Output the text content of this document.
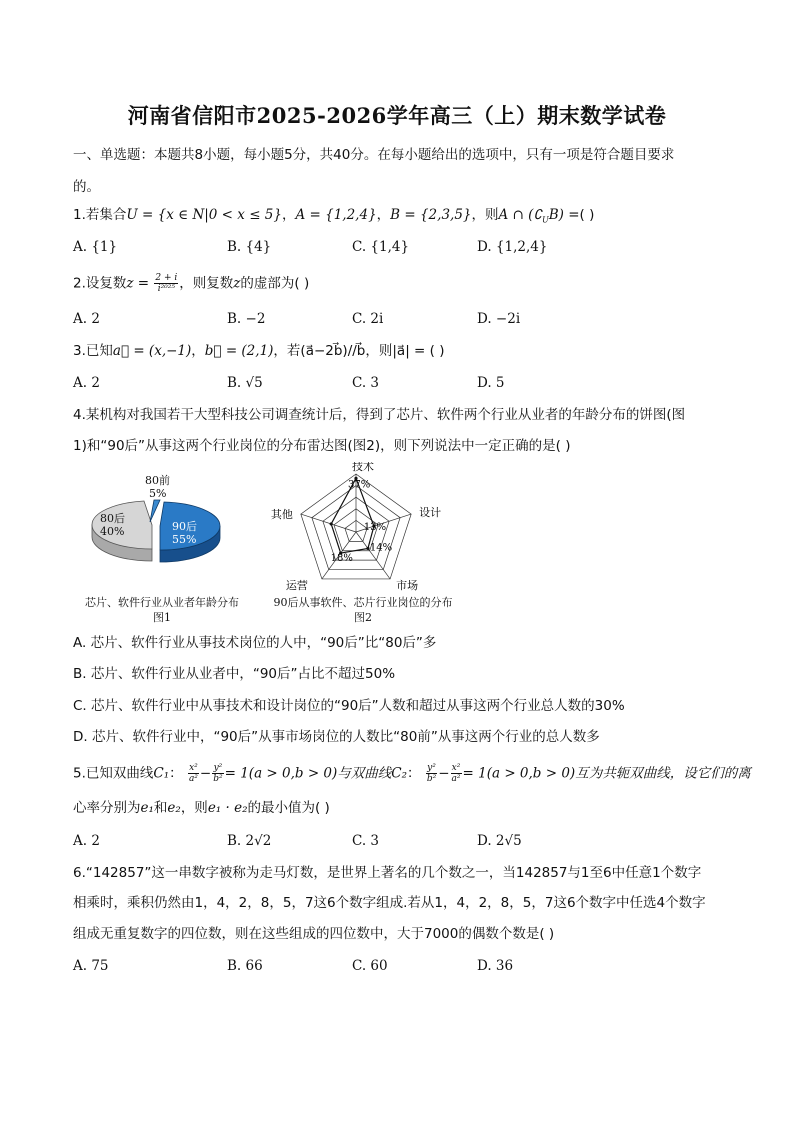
河南省信阳市2025-2026学年高三（上）期末数学试卷
一、单选题：本题共8小题，每小题5分，共40分。在每小题给出的选项中，只有一项是符合题目要求
的。
1.若集合U = {x ∈ N|0 < x ≤ 5}，A = {1,2,4}，B = {2,3,5}，则A ∩ $(∁_UB)$ =( )
A. {1}	B. {4}	C. {1,4}	D. {1,2,4}
2.设复数$z = \frac{2 + i}{\text{i²⁰²⁵}}$ ，则复数z的虚部为( )
A. 2	B. −2	C. 2i	D. −2i
3.已知a⃗ = (x,−1)，b⃗ = (2,1)，若(a⃗−2b⃗)//b⃗，则|a⃗| = ( )
A. 2	B. √5	C. 3	D. 5
4.某机构对我国若干大型科技公司调查统计后，得到了芯片、软件两个行业从业者的年龄分布的饼图(图
1)和“90后”从事这两个行业岗位的分布雷达图(图2)，则下列说法中一定正确的是( )
80前
5%
80后
40%	90后
55%
芯片、软件行业从业者年龄分布
图1
技术
设计
市场
运营
其他
37%
13%
14%
18%
90后从事软件、芯片行业岗位的分布
图2
A. 芯片、软件行业从事技术岗位的人中，“90后”比“80后”多
B. 芯片、软件行业从业者中，“90后”占比不超过50%
C. 芯片、软件行业中从事技术和设计岗位的“90后”人数和超过从事这两个行业总人数的30%
D. 芯片、软件行业中，“90后”从事市场岗位的人数比“80前”从事这两个行业的总人数多
5.已知双曲线C₁： $\frac{\text{x²}}{\text{a²}} - \frac{\text{y²}}{\text{b²}} = 1(a > 0,b > 0)$与双曲线C₂： $\frac{\text{y²}}{\text{b²}} - \frac{\text{x²}}{\text{a²}} = 1(a > 0,b > 0)$互为共轭双曲线，设它们的离
心率分别为e₁和e₂，则e₁ · e₂的最小值为( )
A. 2	B. 2√2	C. 3	D. 2√5
6.“142857”这一串数字被称为走马灯数，是世界上著名的几个数之一，当142857与1至6中任意1个数字
相乘时，乘积仍然由1，4，2，8，5，7这6个数字组成.若从1，4，2，8，5，7这6个数字中任选4个数字
组成无重复数字的四位数，则在这些组成的四位数中，大于7000的偶数个数是( )
A. 75	B. 66	C. 60	D. 36
